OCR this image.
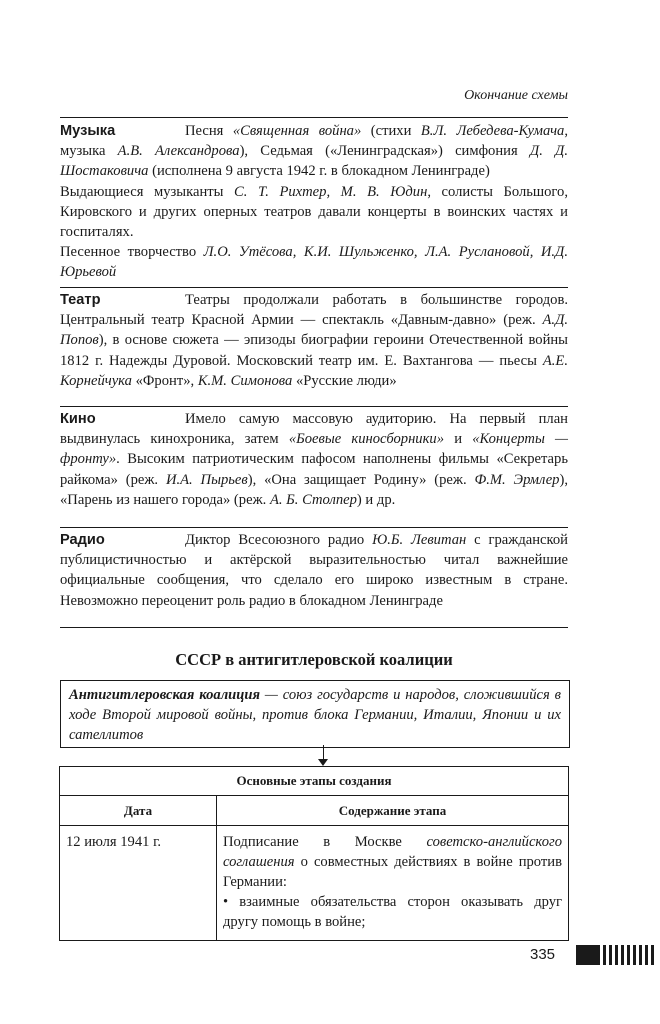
Окончание схемы
Музыка	Песня «Священная война» (стихи В.Л. Лебедева-Кумача, музыка А.В. Александрова), Седьмая («Ленинградская») симфония Д. Д. Шостаковича (исполнена 9 августа 1942 г. в блокадном Ленинграде)

Выдающиеся музыканты С. Т. Рихтер, М. В. Юдин, солисты Большого, Кировского и других оперных театров давали концерты в воинских частях и госпиталях.

Песенное творчество Л.О. Утёсова, К.И. Шульженко, Л.А. Руслановой, И.Д. Юрьевой

Театр	Театры продолжали работать в большинстве городов. Центральный театр Красной Армии — спектакль «Давным-давно» (реж. А.Д. Попов), в основе сюжета — эпизоды биографии героини Отечественной войны 1812 г. Надежды Дуровой. Московский театр им. Е. Вахтангова — пьесы А.Е. Корнейчука «Фронт», К.М. Симонова «Русские люди»

Кино	Имело самую массовую аудиторию. На первый план выдвинулась кинохроника, затем «Боевые киносборники» и «Концерты — фронту». Высоким патриотическим пафосом наполнены фильмы «Секретарь райкома» (реж. И.А. Пырьев), «Она защищает Родину» (реж. Ф.М. Эрмлер), «Парень из нашего города» (реж. А. Б. Столпер) и др.

Радио	Диктор Всесоюзного радио Ю.Б. Левитан с гражданской публицистичностью и актёрской выразительностью читал важнейшие официальные сообщения, что сделало его широко известным в стране. Невозможно переоценит роль радио в блокадном Ленинграде

СССР в антигитлеровской коалиции
Антигитлеровская коалиция — союз государств и народов, сложившийся в ходе Второй мировой войны, против блока Германии, Италии, Японии и их сателлитов
Основные этапы создания	
Дата	Содержание этапа
12 июля 1941 г.	Подписание в Москве советско-английского соглашения о совместных действиях в войне против Германии:

• взаимные обязательства сторон оказывать друг другу помощь в войне;

335
